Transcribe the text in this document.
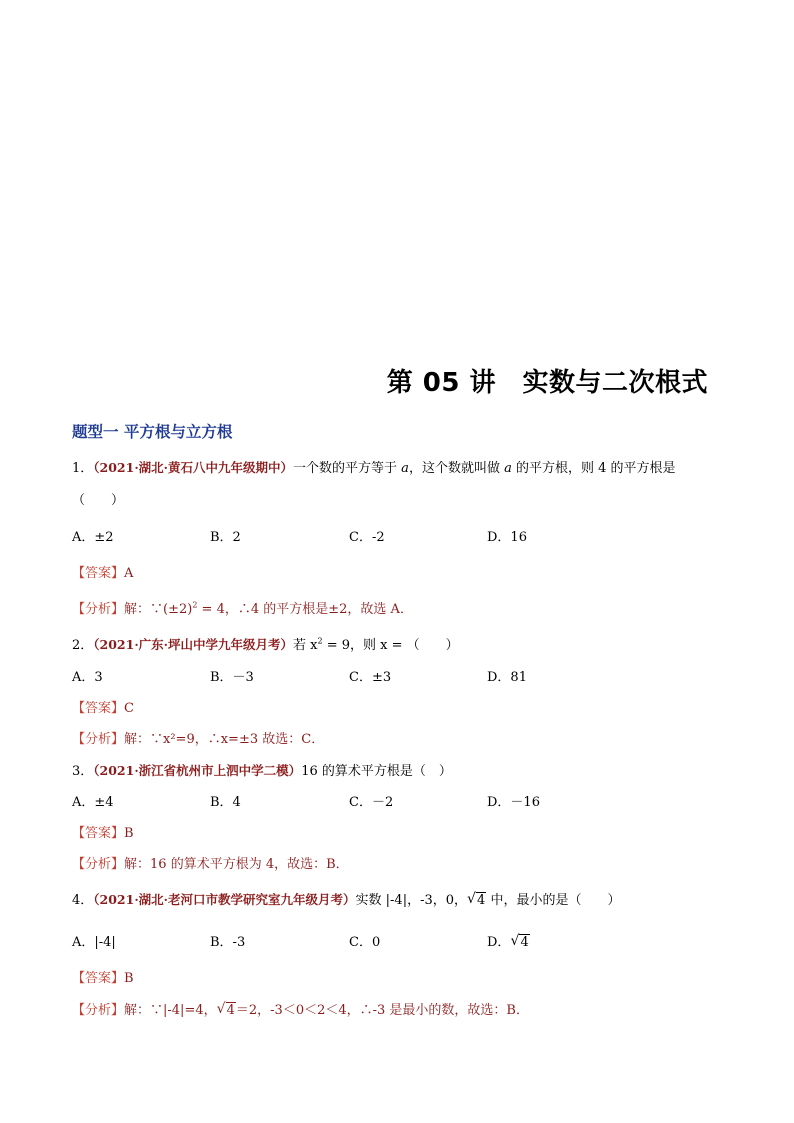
第 05 讲　实数与二次根式
题型一 平方根与立方根
1．（2021·湖北·黄石八中九年级期中）一个数的平方等于 a，这个数就叫做 a 的平方根，则 4 的平方根是
（　　）
A．±2	B．2	C．-2	D．16
【答案】A
【分析】解：$\because(\pm 2)^2 = 4$，∴4 的平方根是±2，故选 A．
2．（2021·广东·坪山中学九年级月考）若 $x^2 = 9$，则 x = （　　）
A．3	B．－3	C．±3	D．81
【答案】C
【分析】解：∵x²=9，∴x=±3 故选：C．
3．（2021·浙江省杭州市上泗中学二模）16 的算术平方根是（　）
A．±4	B．4	C．－2	D．－16
【答案】B
【分析】解：16 的算术平方根为 4，故选：B．
4．（2021·湖北·老河口市教学研究室九年级月考）实数 |-4|，-3，0， √ 4 中，最小的是（　　）
A．|-4|	B．-3	C．0	D． √ 4
【答案】B
【分析】解：∵|-4|=4， √ 4＝2，-3＜0＜2＜4，∴-3 是最小的数，故选：B．
